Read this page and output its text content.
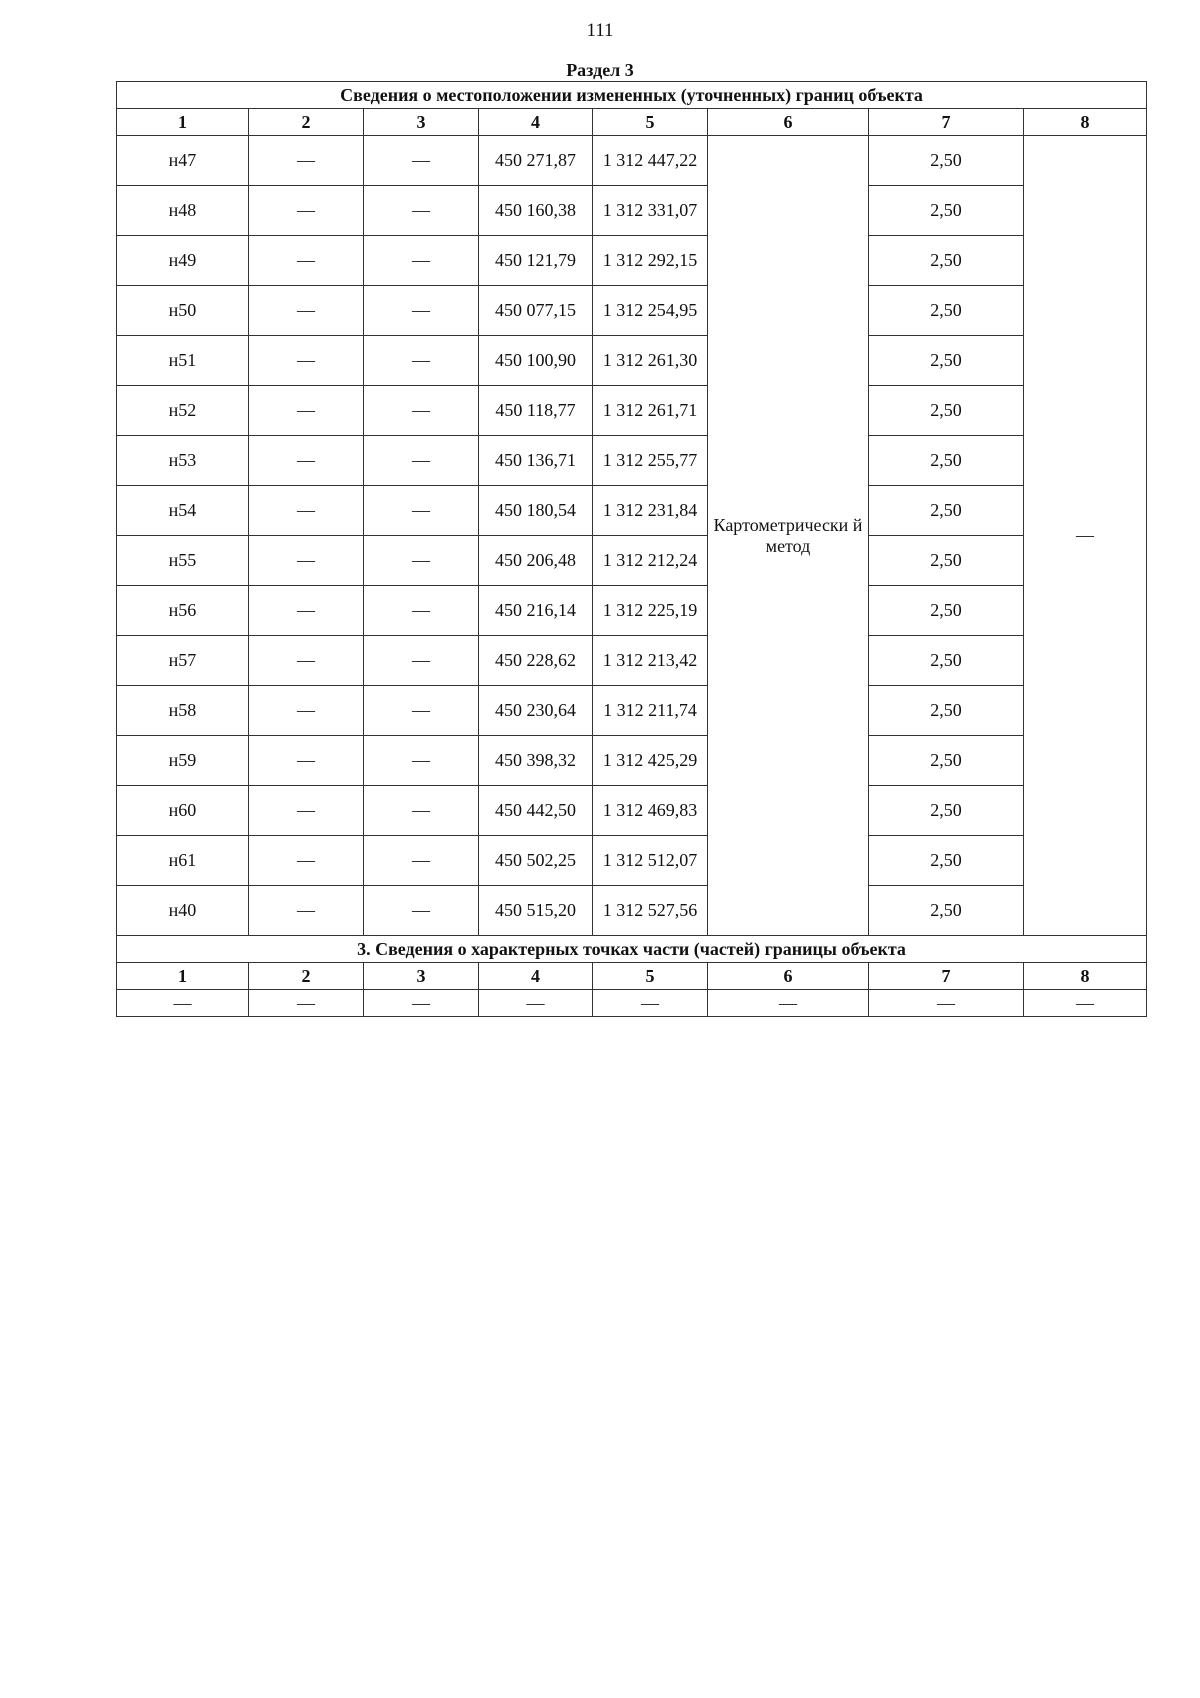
111
Раздел 3
Сведения о местоположении измененных (уточненных) границ объекта							
1	2	3	4	5	6	7	8
н47	—	—	450 271,87	1 312 447,22	Картометрически й метод	2,50	—
н48	—	—	450 160,38	1 312 331,07		2,50	
н49	—	—	450 121,79	1 312 292,15		2,50	
н50	—	—	450 077,15	1 312 254,95		2,50	
н51	—	—	450 100,90	1 312 261,30		2,50	
н52	—	—	450 118,77	1 312 261,71		2,50	
н53	—	—	450 136,71	1 312 255,77		2,50	
н54	—	—	450 180,54	1 312 231,84		2,50	
н55	—	—	450 206,48	1 312 212,24		2,50	
н56	—	—	450 216,14	1 312 225,19		2,50	
н57	—	—	450 228,62	1 312 213,42		2,50	
н58	—	—	450 230,64	1 312 211,74		2,50	
н59	—	—	450 398,32	1 312 425,29		2,50	
н60	—	—	450 442,50	1 312 469,83		2,50	
н61	—	—	450 502,25	1 312 512,07		2,50	
н40	—	—	450 515,20	1 312 527,56		2,50	
3. Сведения о характерных точках части (частей) границы объекта							
1	2	3	4	5	6	7	8
—	—	—	—	—	—	—	—
